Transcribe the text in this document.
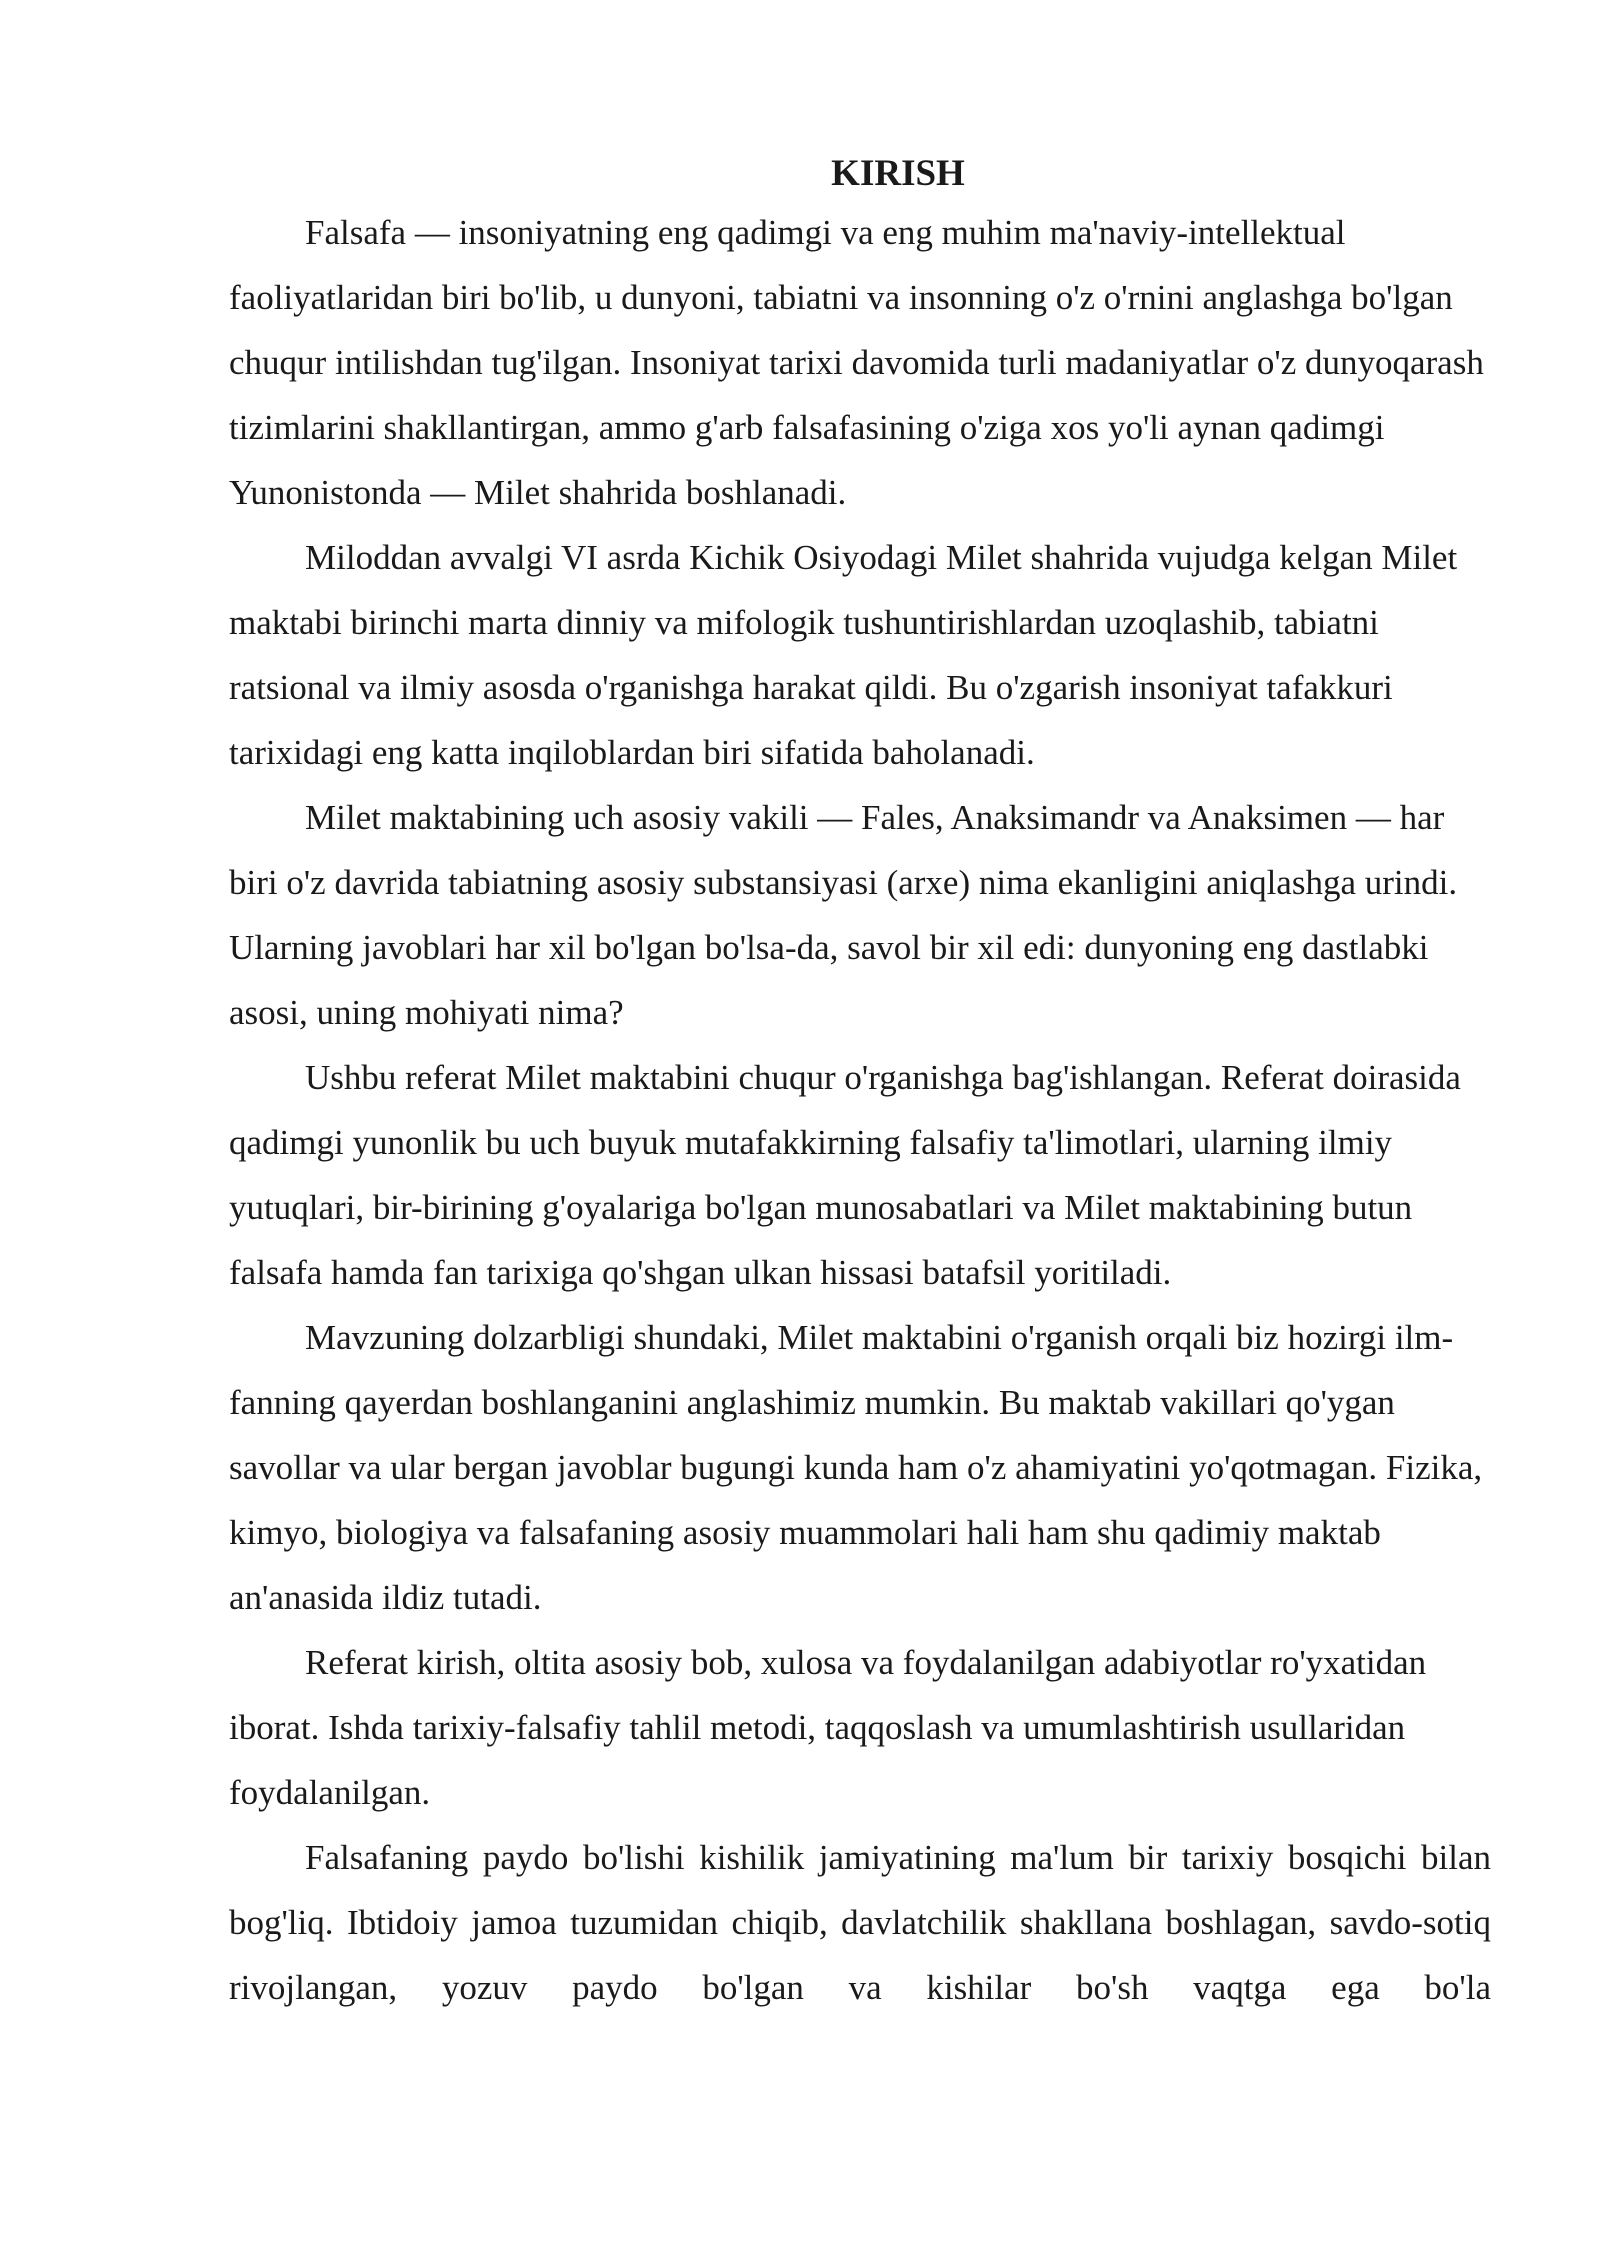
KIRISH

Falsafa — insoniyatning eng qadimgi va eng muhim ma'naviy-intellektual faoliyatlaridan biri bo'lib, u dunyoni, tabiatni va insonning o'z o'rnini anglashga bo'lgan chuqur intilishdan tug'ilgan. Insoniyat tarixi davomida turli madaniyatlar o'z dunyoqarash tizimlarini shakllantirgan, ammo g'arb falsafasining o'ziga xos yo'li aynan qadimgi Yunonistonda — Milet shahrida boshlanadi.

Miloddan avvalgi VI asrda Kichik Osiyodagi Milet shahrida vujudga kelgan Milet maktabi birinchi marta dinniy va mifologik tushuntirishlardan uzoqlashib, tabiatni ratsional va ilmiy asosda o'rganishga harakat qildi. Bu o'zgarish insoniyat tafakkuri tarixidagi eng katta inqiloblardan biri sifatida baholanadi.

Milet maktabining uch asosiy vakili — Fales, Anaksimandr va Anaksimen — har biri o'z davrida tabiatning asosiy substansiyasi (arxe) nima ekanligini aniqlashga urindi. Ularning javoblari har xil bo'lgan bo'lsa-da, savol bir xil edi: dunyoning eng dastlabki asosi, uning mohiyati nima?

Ushbu referat Milet maktabini chuqur o'rganishga bag'ishlangan. Referat doirasida qadimgi yunonlik bu uch buyuk mutafakkirning falsafiy ta'limotlari, ularning ilmiy yutuqlari, bir-birining g'oyalariga bo'lgan munosabatlari va Milet maktabining butun falsafa hamda fan tarixiga qo'shgan ulkan hissasi batafsil yoritiladi.

Mavzuning dolzarbligi shundaki, Milet maktabini o'rganish orqali biz hozirgi ilm-fanning qayerdan boshlanganini anglashimiz mumkin. Bu maktab vakillari qo'ygan savollar va ular bergan javoblar bugungi kunda ham o'z ahamiyatini yo'qotmagan. Fizika, kimyo, biologiya va falsafaning asosiy muammolari hali ham shu qadimiy maktab an'anasida ildiz tutadi.

Referat kirish, oltita asosiy bob, xulosa va foydalanilgan adabiyotlar ro'yxatidan iborat. Ishda tarixiy-falsafiy tahlil metodi, taqqoslash va umumlashtirish usullaridan foydalanilgan.

Falsafaning paydo bo'lishi kishilik jamiyatining ma'lum bir tarixiy bosqichi bilan bog'liq. Ibtidoiy jamoa tuzumidan chiqib, davlatchilik shakllana boshlagan, savdo-sotiq rivojlangan, yozuv paydo bo'lgan va kishilar bo'sh vaqtga ega bo'la
